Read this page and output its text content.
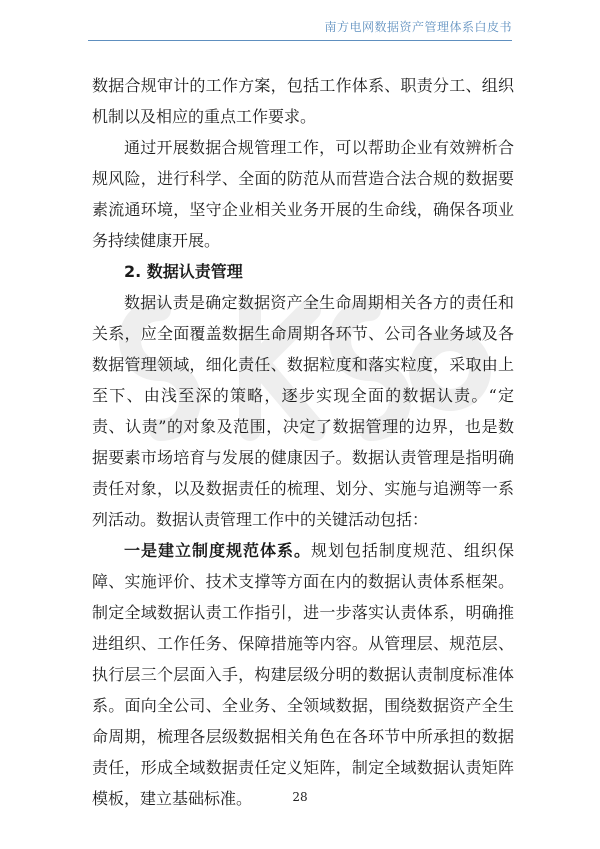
南方电网数据资产管理体系白皮书

数据合规审计的工作方案，包括工作体系、职责分工、组织机制以及相应的重点工作要求。

通过开展数据合规管理工作，可以帮助企业有效辨析合规风险，进行科学、全面的防范从而营造合法合规的数据要素流通环境，坚守企业相关业务开展的生命线，确保各项业务持续健康开展。

2. 数据认责管理

数据认责是确定数据资产全生命周期相关各方的责任和关系，应全面覆盖数据生命周期各环节、公司各业务域及各数据管理领域，细化责任、数据粒度和落实粒度，采取由上至下、由浅至深的策略，逐步实现全面的数据认责。“定责、认责”的对象及范围，决定了数据管理的边界，也是数据要素市场培育与发展的健康因子。数据认责管理是指明确责任对象，以及数据责任的梳理、划分、实施与追溯等一系列活动。数据认责管理工作中的关键活动包括：

一是建立制度规范体系。规划包括制度规范、组织保障、实施评价、技术支撑等方面在内的数据认责体系框架。制定全域数据认责工作指引，进一步落实认责体系，明确推进组织、工作任务、保障措施等内容。从管理层、规范层、执行层三个层面入手，构建层级分明的数据认责制度标准体系。面向全公司、全业务、全领域数据，围绕数据资产全生命周期，梳理各层级数据相关角色在各环节中所承担的数据责任，形成全域数据责任定义矩阵，制定全域数据认责矩阵模板，建立基础标准。	28
